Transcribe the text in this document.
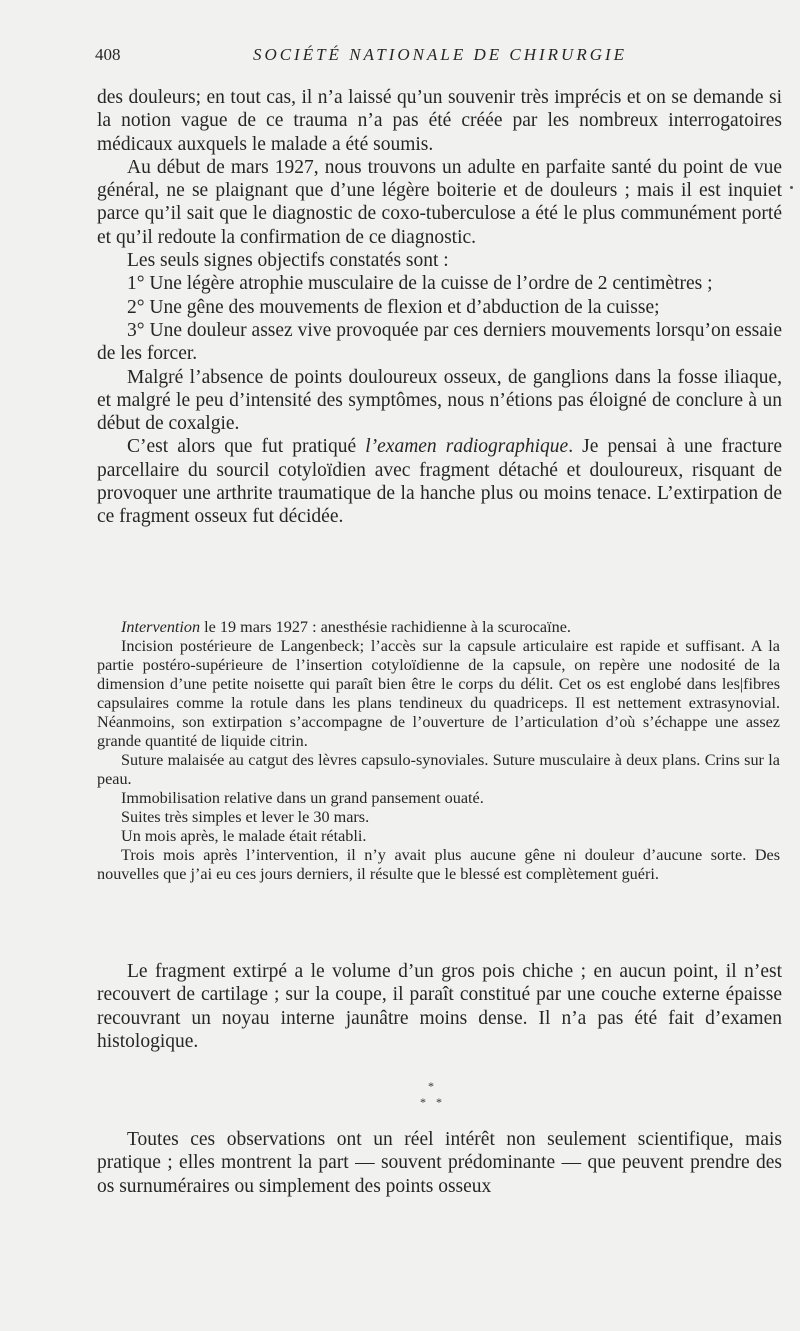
408	SOCIÉTÉ NATIONALE DE CHIRURGIE

des douleurs; en tout cas, il n’a laissé qu’un souvenir très imprécis et on se demande si la notion vague de ce trauma n’a pas été créée par les nombreux interrogatoires médicaux auxquels le malade a été soumis.

Au début de mars 1927, nous trouvons un adulte en parfaite santé du point de vue général, ne se plaignant que d’une légère boiterie et de douleurs ; mais il est inquiet parce qu’il sait que le diagnostic de coxo-tuberculose a été le plus communément porté et qu’il redoute la confirmation de ce diagnostic.

Les seuls signes objectifs constatés sont :

1° Une légère atrophie musculaire de la cuisse de l’ordre de 2 centimètres ;

2° Une gêne des mouvements de flexion et d’abduction de la cuisse;

3° Une douleur assez vive provoquée par ces derniers mouvements lorsqu’on essaie de les forcer.

Malgré l’absence de points douloureux osseux, de ganglions dans la fosse iliaque, et malgré le peu d’intensité des symptômes, nous n’étions pas éloigné de conclure à un début de coxalgie.

C’est alors que fut pratiqué l’examen radiographique. Je pensai à une fracture parcellaire du sourcil cotyloïdien avec fragment détaché et douloureux, risquant de provoquer une arthrite traumatique de la hanche plus ou moins tenace. L’extirpation de ce fragment osseux fut décidée.

Intervention le 19 mars 1927 : anesthésie rachidienne à la scurocaïne.

Incision postérieure de Langenbeck; l’accès sur la capsule articulaire est rapide et suffisant. A la partie postéro-supérieure de l’insertion cotyloïdienne de la capsule, on repère une nodosité de la dimension d’une petite noisette qui paraît bien être le corps du délit. Cet os est englobé dans les|fibres capsulaires comme la rotule dans les plans tendineux du quadriceps. Il est nettement extrasynovial. Néanmoins, son extirpation s’accompagne de l’ouverture de l’articulation d’où s’échappe une assez grande quantité de liquide citrin.

Suture malaisée au catgut des lèvres capsulo-synoviales. Suture musculaire à deux plans. Crins sur la peau.

Immobilisation relative dans un grand pansement ouaté.

Suites très simples et lever le 30 mars.

Un mois après, le malade était rétabli.

Trois mois après l’intervention, il n’y avait plus aucune gêne ni douleur d’aucune sorte. Des nouvelles que j’ai eu ces jours derniers, il résulte que le blessé est complètement guéri.

Le fragment extirpé a le volume d’un gros pois chiche ; en aucun point, il n’est recouvert de cartilage ; sur la coupe, il paraît constitué par une couche externe épaisse recouvrant un noyau interne jaunâtre moins dense. Il n’a pas été fait d’examen histologique.

*
* *

Toutes ces observations ont un réel intérêt non seulement scientifique, mais pratique ; elles montrent la part — souvent prédominante — que peuvent prendre des os surnuméraires ou simplement des points osseux
